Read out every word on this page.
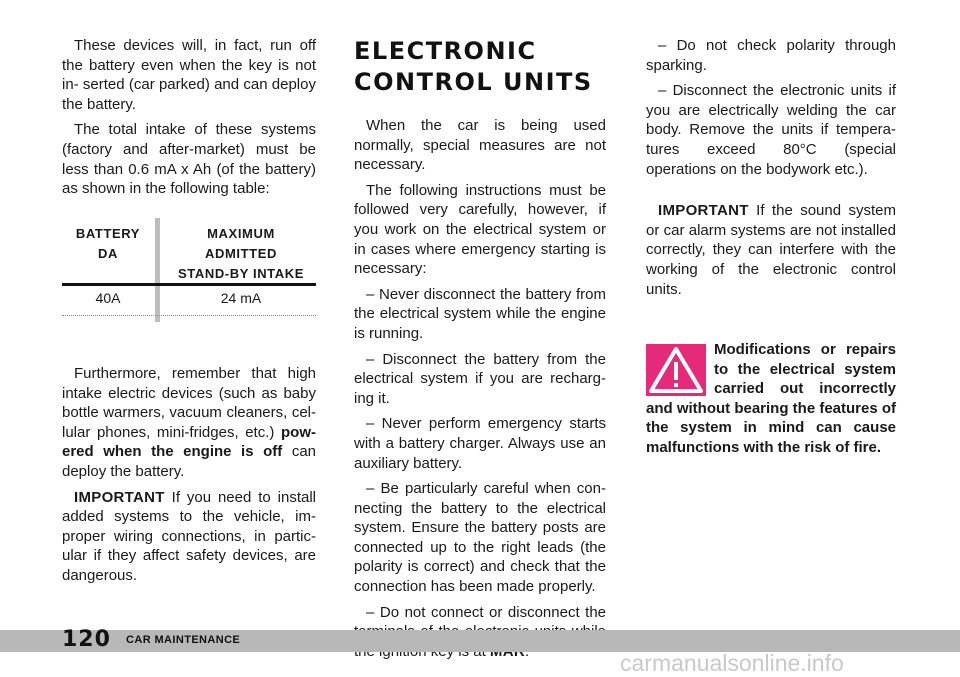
These devices will, in fact, run off the battery even when the key is not in- serted (car parked) and can deploy the battery.

The total intake of these systems (factory and after-market) must be less than 0.6 mA x Ah (of the battery) as shown in the following table:

BATTERY
DA
MAXIMUM
ADMITTED
STAND-BY INTAKE
40A	24 mA

Furthermore, remember that high intake electric devices (such as baby bottle warmers, vacuum cleaners, cel- lular phones, mini-fridges, etc.) pow- ered when the engine is off can deploy the battery.

IMPORTANT If you need to install added systems to the vehicle, im- proper wiring connections, in partic- ular if they affect safety devices, are dangerous.

ELECTRONIC
CONTROL UNITS

When the car is being used normally, special measures are not necessary.

The following instructions must be followed very carefully, however, if you work on the electrical system or in cases where emergency starting is necessary:

– Never disconnect the battery from the electrical system while the engine is running.

– Disconnect the battery from the electrical system if you are recharg- ing it.

– Never perform emergency starts with a battery charger. Always use an auxiliary battery.

– Be particularly careful when con- necting the battery to the electrical system. Ensure the battery posts are connected up to the right leads (the polarity is correct) and check that the connection has been made properly.

– Do not connect or disconnect the

– Do not check polarity through sparking.

– Disconnect the electronic units if you are electrically welding the car body. Remove the units if tempera- tures exceed 80°C (special operations on the bodywork etc.).

IMPORTANT If the sound system or car alarm systems are not installed correctly, they can interfere with the working of the electronic control units.

Modifications or repairs to the electrical system carried out incorrectly and without bearing the features of the system in mind can cause malfunctions with the risk of fire.
120 CAR MAINTENANCE
carmanualsonline.info
